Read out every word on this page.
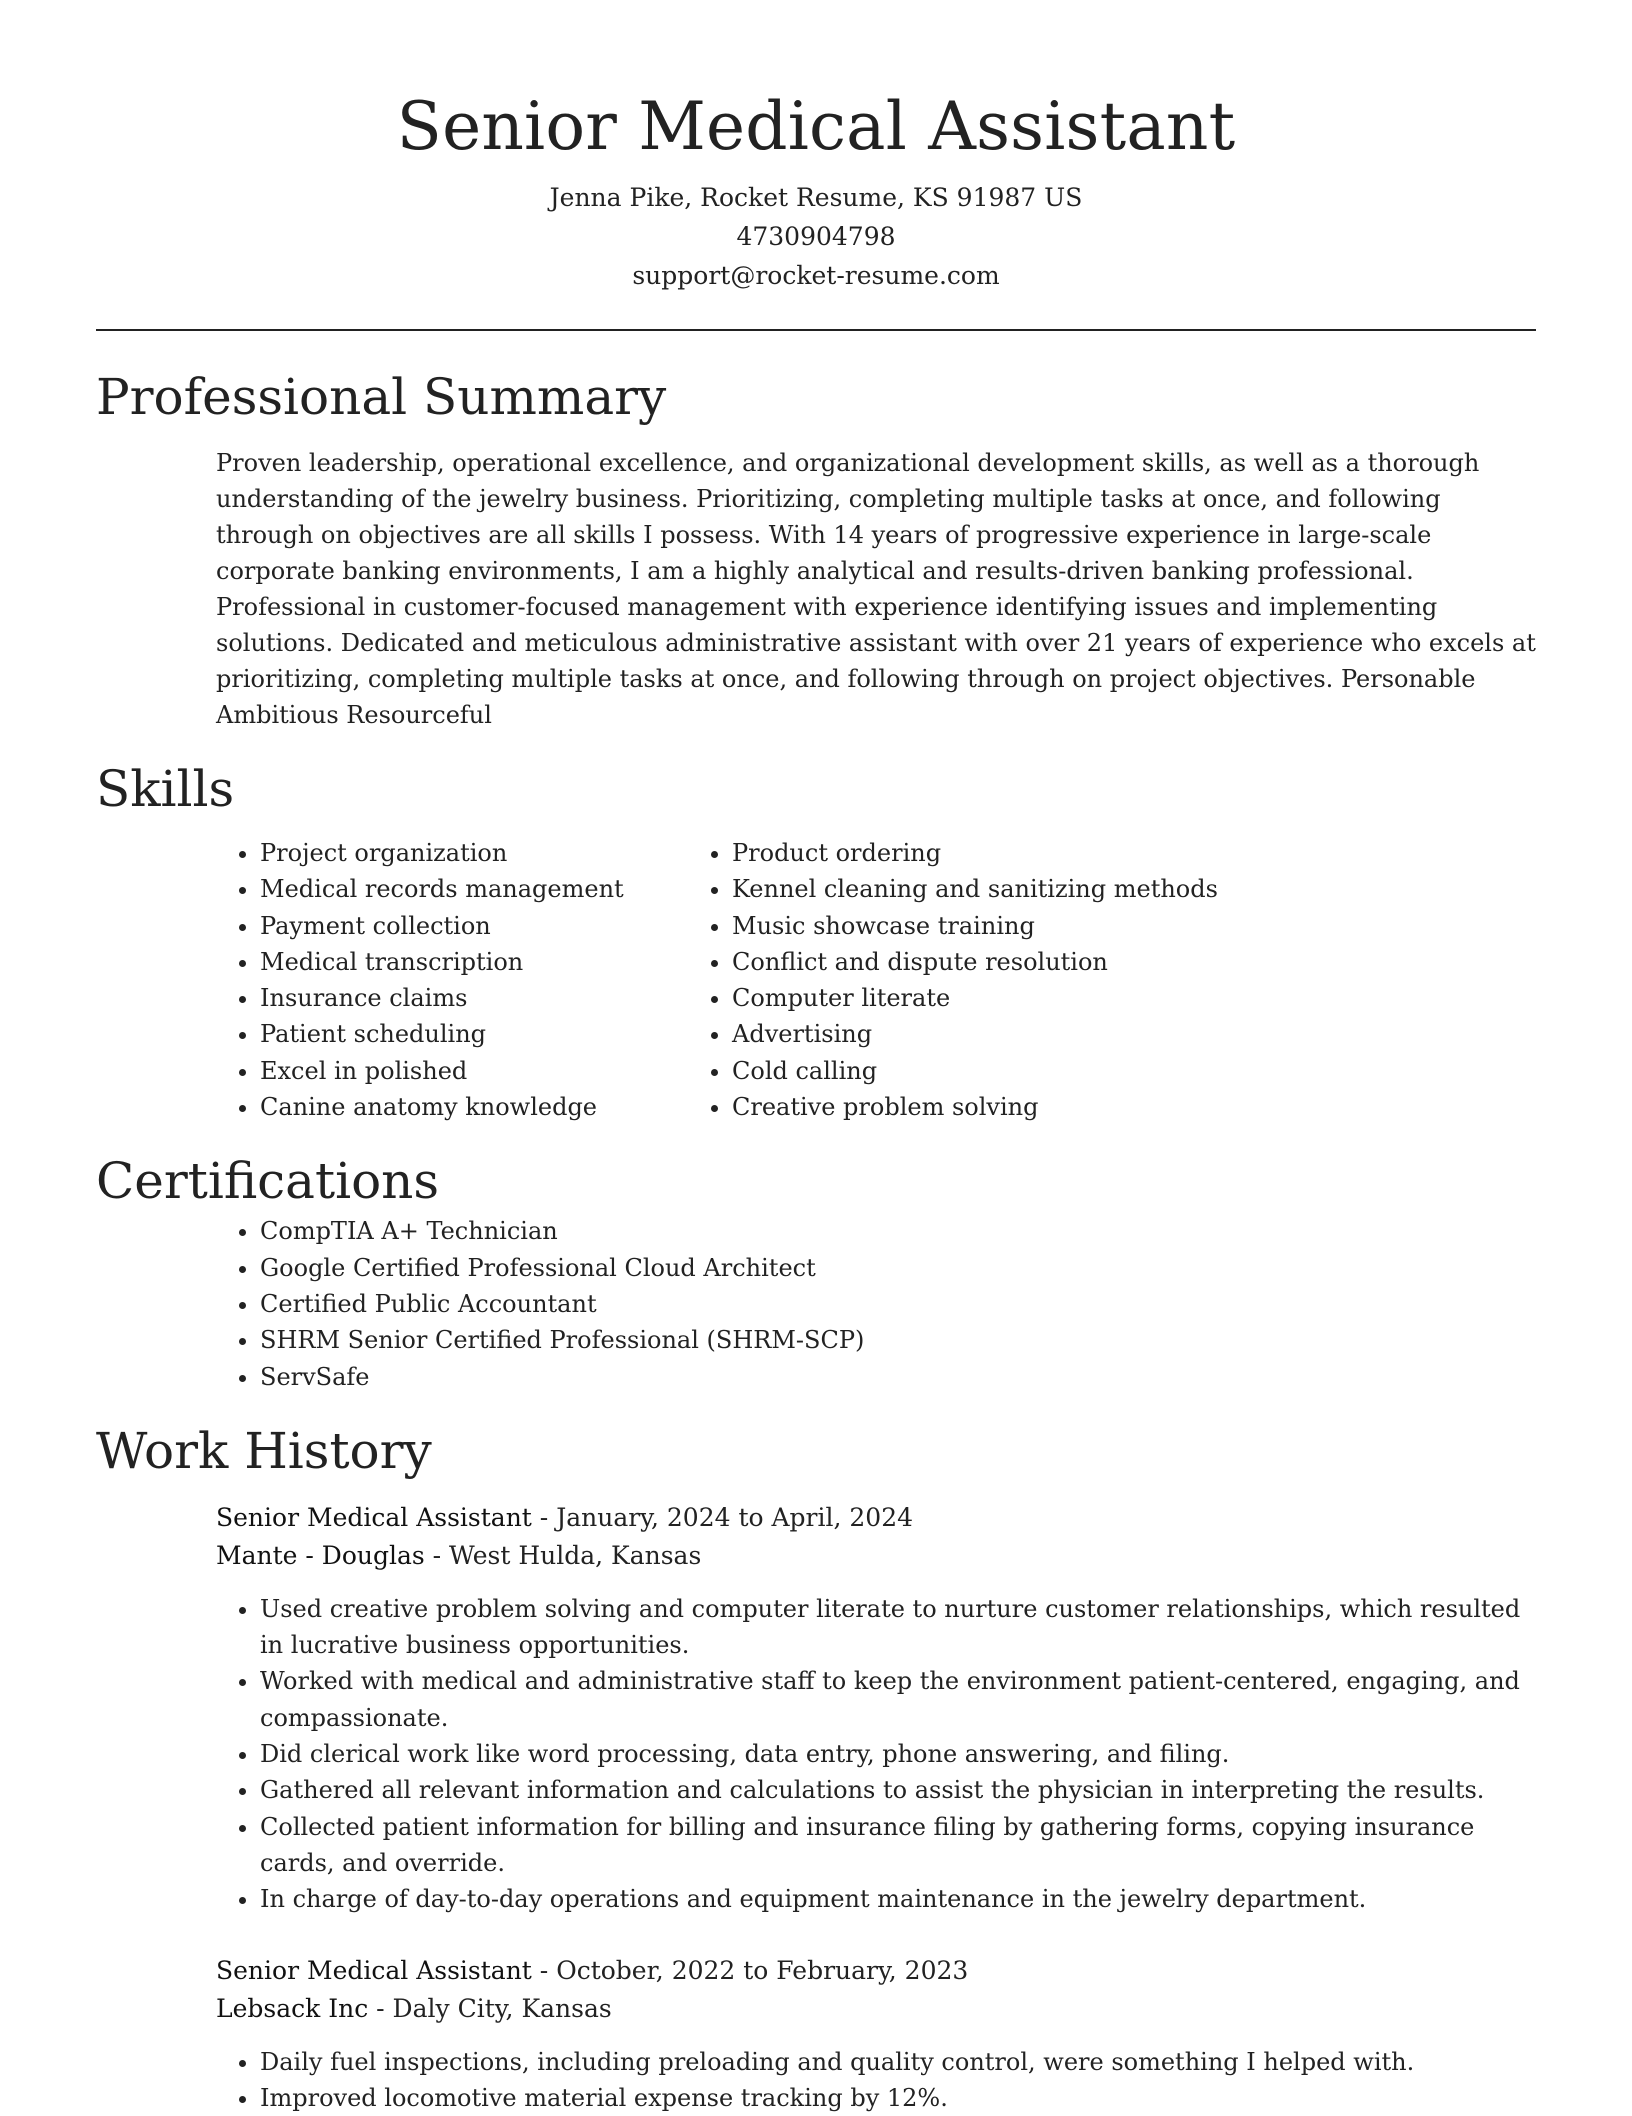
Senior Medical Assistant
Jenna Pike, Rocket Resume, KS 91987 US
4730904798
support@rocket-resume.com
Professional Summary

Proven leadership, operational excellence, and organizational development skills, as well as a thorough understanding of the jewelry business. Prioritizing, completing multiple tasks at once, and following through on objectives are all skills I possess. With 14 years of progressive experience in large-scale corporate banking environments, I am a highly analytical and results-driven banking professional. Professional in customer-focused management with experience identifying issues and implementing solutions. Dedicated and meticulous administrative assistant with over 21 years of experience who excels at prioritizing, completing multiple tasks at once, and following through on project objectives. Personable Ambitious Resourceful

Skills
• Project organization
• Medical records management
• Payment collection
• Medical transcription
• Insurance claims
• Patient scheduling
• Excel in polished
• Canine anatomy knowledge
• Product ordering
• Kennel cleaning and sanitizing methods
• Music showcase training
• Conflict and dispute resolution
• Computer literate
• Advertising
• Cold calling
• Creative problem solving
Certifications
• CompTIA A+ Technician
• Google Certified Professional Cloud Architect
• Certified Public Accountant
• SHRM Senior Certified Professional (SHRM-SCP)
• ServSafe
Work History
Senior Medical Assistant - January, 2024 to April, 2024
Mante - Douglas - West Hulda, Kansas
• Used creative problem solving and computer literate to nurture customer relationships, which resulted in lucrative business opportunities.
• Worked with medical and administrative staff to keep the environment patient-centered, engaging, and compassionate.
• Did clerical work like word processing, data entry, phone answering, and filing.
• Gathered all relevant information and calculations to assist the physician in interpreting the results.
• Collected patient information for billing and insurance filing by gathering forms, copying insurance cards, and override.
• In charge of day-to-day operations and equipment maintenance in the jewelry department.
Senior Medical Assistant - October, 2022 to February, 2023
Lebsack Inc - Daly City, Kansas
• Daily fuel inspections, including preloading and quality control, were something I helped with.
• Improved locomotive material expense tracking by 12%.
